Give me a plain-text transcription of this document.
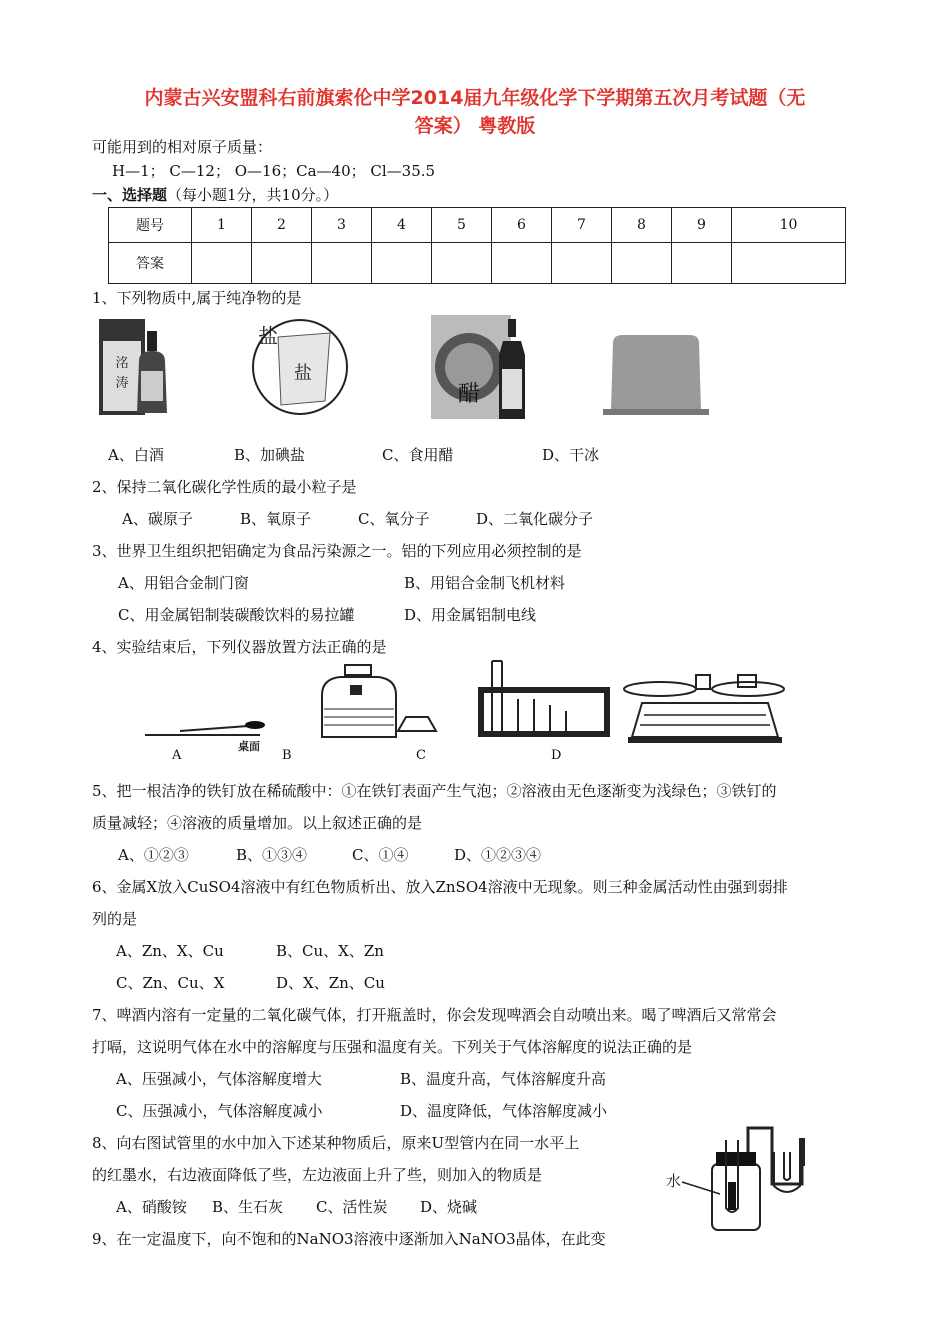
内蒙古兴安盟科右前旗索伦中学2014届九年级化学下学期第五次月考试题（无
答案） 粤教版
可能用到的相对原子质量：
H—1； C—12； O—16；Ca—40； Cl—35.5
一、选择题（每小题1分，共10分。）
题号	1	2	3	4	5	6	7	8	9	10
答案										
1、下列物质中,属于纯净物的是
洺
涛
盐
盐
醋
A、白酒	B、加碘盐	C、食用醋	D、干冰
2、保持二氧化碳化学性质的最小粒子是
A、碳原子	B、氧原子	C、氧分子	D、二氧化碳分子
3、世界卫生组织把铝确定为食品污染源之一。铝的下列应用必须控制的是
A、用铝合金制门窗	B、用铝合金制飞机材料
C、用金属铝制装碳酸饮料的易拉罐	D、用金属铝制电线
4、实验结束后，下列仪器放置方法正确的是
桌面
A	B	C	D
5、把一根洁净的铁钉放在稀硫酸中：①在铁钉表面产生气泡；②溶液由无色逐渐变为浅绿色；③铁钉的
质量减轻；④溶液的质量增加。以上叙述正确的是
A、①②③	B、①③④	C、①④	D、①②③④
6、金属X放入CuSO4溶液中有红色物质析出、放入ZnSO4溶液中无现象。则三种金属活动性由强到弱排
列的是
A、Zn、X、Cu	B、Cu、X、Zn
C、Zn、Cu、X	D、X、Zn、Cu
7、啤酒内溶有一定量的二氧化碳气体，打开瓶盖时，你会发现啤酒会自动喷出来。喝了啤酒后又常常会
打嗝，这说明气体在水中的溶解度与压强和温度有关。下列关于气体溶解度的说法正确的是
A、压强减小，气体溶解度增大	B、温度升高，气体溶解度升高
C、压强减小，气体溶解度减小	D、温度降低，气体溶解度减小
8、向右图试管里的水中加入下述某种物质后，原来U型管内在同一水平上
的红墨水，右边液面降低了些，左边液面上升了些，则加入的物质是
A、硝酸铵 B、生石灰 C、活性炭 D、烧碱
水
9、在一定温度下，向不饱和的NaNO3溶液中逐渐加入NaNO3晶体，在此变
